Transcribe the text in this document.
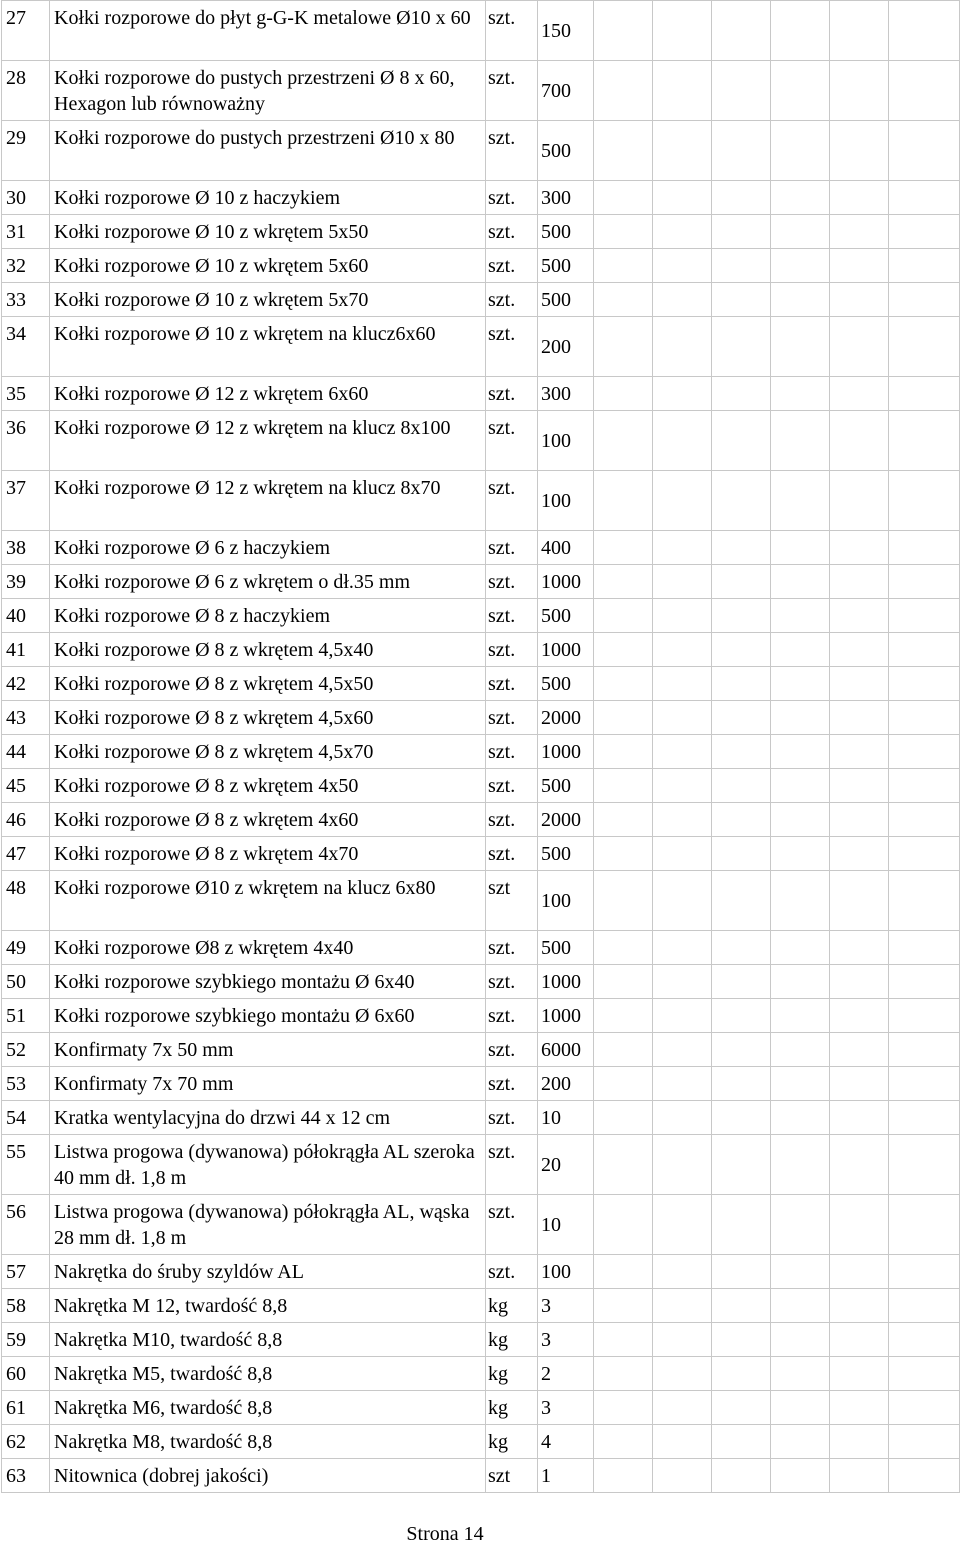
27	Kołki rozporowe do płyt g-G-K metalowe Ø10 x 60	szt.	150						
28	Kołki rozporowe do pustych przestrzeni Ø 8 x 60, Hexagon lub równoważny	szt.	700						
29	Kołki rozporowe do pustych przestrzeni Ø10 x 80	szt.	500						
30	Kołki rozporowe Ø 10 z haczykiem	szt.	300						
31	Kołki rozporowe Ø 10 z wkrętem 5x50	szt.	500						
32	Kołki rozporowe Ø 10 z wkrętem 5x60	szt.	500						
33	Kołki rozporowe Ø 10 z wkrętem 5x70	szt.	500						
34	Kołki rozporowe Ø 10 z wkrętem na klucz6x60	szt.	200						
35	Kołki rozporowe Ø 12 z wkrętem 6x60	szt.	300						
36	Kołki rozporowe Ø 12 z wkrętem na klucz 8x100	szt.	100						
37	Kołki rozporowe Ø 12 z wkrętem na klucz 8x70	szt.	100						
38	Kołki rozporowe Ø 6 z haczykiem	szt.	400						
39	Kołki rozporowe Ø 6 z wkrętem o dł.35 mm	szt.	1000						
40	Kołki rozporowe Ø 8 z haczykiem	szt.	500						
41	Kołki rozporowe Ø 8 z wkrętem 4,5x40	szt.	1000						
42	Kołki rozporowe Ø 8 z wkrętem 4,5x50	szt.	500						
43	Kołki rozporowe Ø 8 z wkrętem 4,5x60	szt.	2000						
44	Kołki rozporowe Ø 8 z wkrętem 4,5x70	szt.	1000						
45	Kołki rozporowe Ø 8 z wkrętem 4x50	szt.	500						
46	Kołki rozporowe Ø 8 z wkrętem 4x60	szt.	2000						
47	Kołki rozporowe Ø 8 z wkrętem 4x70	szt.	500						
48	Kołki rozporowe Ø10 z wkrętem na klucz 6x80	szt	100						
49	Kołki rozporowe Ø8 z wkrętem 4x40	szt.	500						
50	Kołki rozporowe szybkiego montażu Ø 6x40	szt.	1000						
51	Kołki rozporowe szybkiego montażu Ø 6x60	szt.	1000						
52	Konfirmaty 7x 50 mm	szt.	6000						
53	Konfirmaty 7x 70 mm	szt.	200						
54	Kratka wentylacyjna do drzwi 44 x 12 cm	szt.	10						
55	Listwa progowa (dywanowa) półokrągła AL szeroka 40 mm dł. 1,8 m	szt.	20						
56	Listwa progowa (dywanowa) półokrągła AL, wąska 28 mm dł. 1,8 m	szt.	10						
57	Nakrętka do śruby szyldów AL	szt.	100						
58	Nakrętka M 12, twardość 8,8	kg	3						
59	Nakrętka M10, twardość 8,8	kg	3						
60	Nakrętka M5, twardość 8,8	kg	2						
61	Nakrętka M6, twardość 8,8	kg	3						
62	Nakrętka M8, twardość 8,8	kg	4						
63	Nitownica (dobrej jakości)	szt	1						
Strona 14
